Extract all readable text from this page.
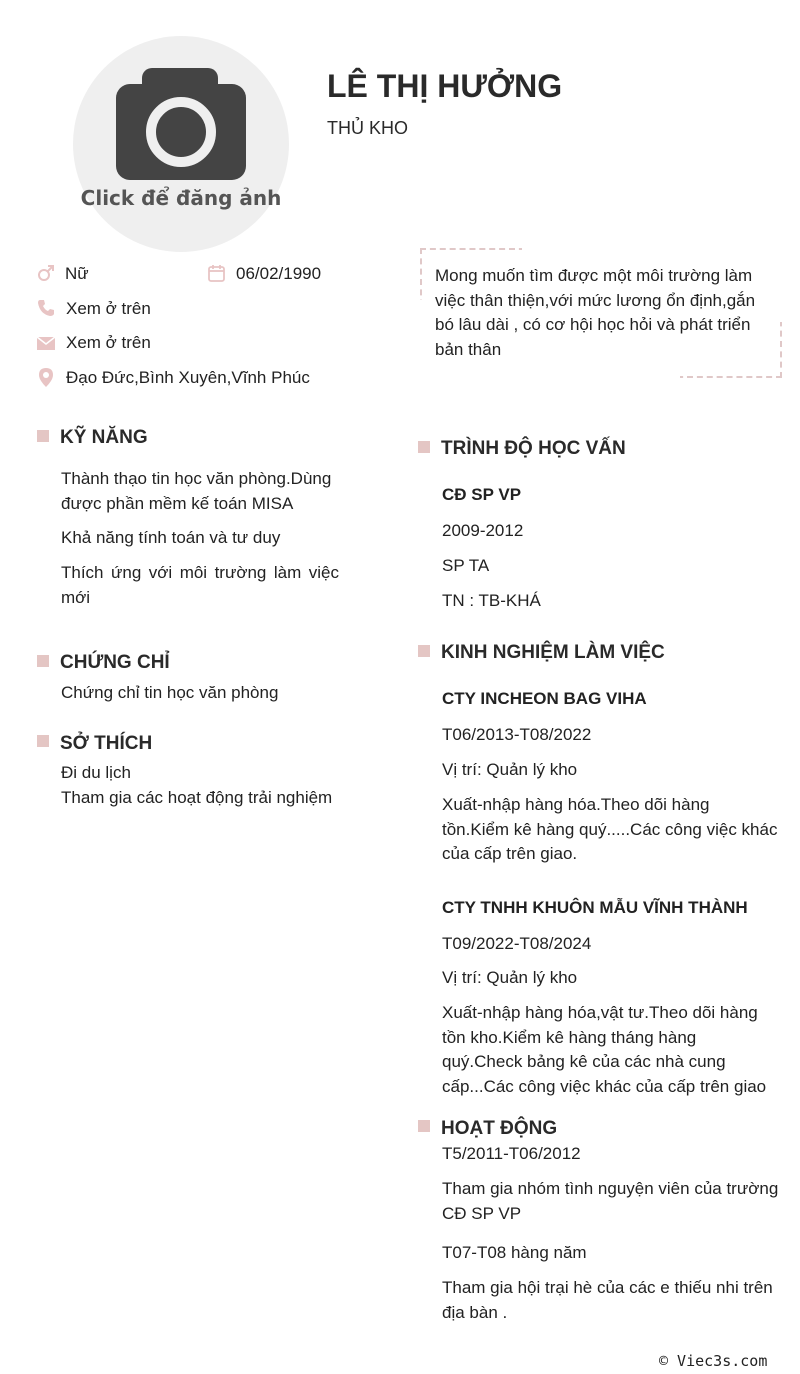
Click để đăng ảnh
LÊ THỊ HƯỞNG
THỦ KHO
Nữ	06/02/1990
Xem ở trên
Xem ở trên
Đạo Đức,Bình Xuyên,Vĩnh Phúc
Mong muốn tìm được một môi trường làm
việc thân thiện,với mức lương ổn định,gắn
bó lâu dài , có cơ hội học hỏi và phát triển
bản thân
KỸ NĂNG
Thành thạo tin học văn phòng.Dùng được phần mềm kế toán MISA
Khả năng tính toán và tư duy
Thích ứng với môi trường làm việc mới
CHỨNG CHỈ
Chứng chỉ tin học văn phòng
SỞ THÍCH
Đi du lịch
Tham gia các hoạt động trải nghiệm
TRÌNH ĐỘ HỌC VẤN
CĐ SP VP
2009-2012
SP TA
TN : TB-KHÁ
KINH NGHIỆM LÀM VIỆC
CTY INCHEON BAG VIHA
T06/2013-T08/2022
Vị trí: Quản lý kho
Xuất-nhập hàng hóa.Theo dõi hàng
tồn.Kiểm kê hàng quý.....Các công việc khác
của cấp trên giao.
CTY TNHH KHUÔN MẪU VĨNH THÀNH
T09/2022-T08/2024
Vị trí: Quản lý kho
Xuất-nhập hàng hóa,vật tư.Theo dõi hàng
tồn kho.Kiểm kê hàng tháng hàng
quý.Check bảng kê của các nhà cung
cấp...Các công việc khác của cấp trên giao
HOẠT ĐỘNG
T5/2011-T06/2012
Tham gia nhóm tình nguyện viên của trường
CĐ SP VP
T07-T08 hàng năm
Tham gia hội trại hè của các e thiếu nhi trên
địa bàn .
© Viec3s.com
